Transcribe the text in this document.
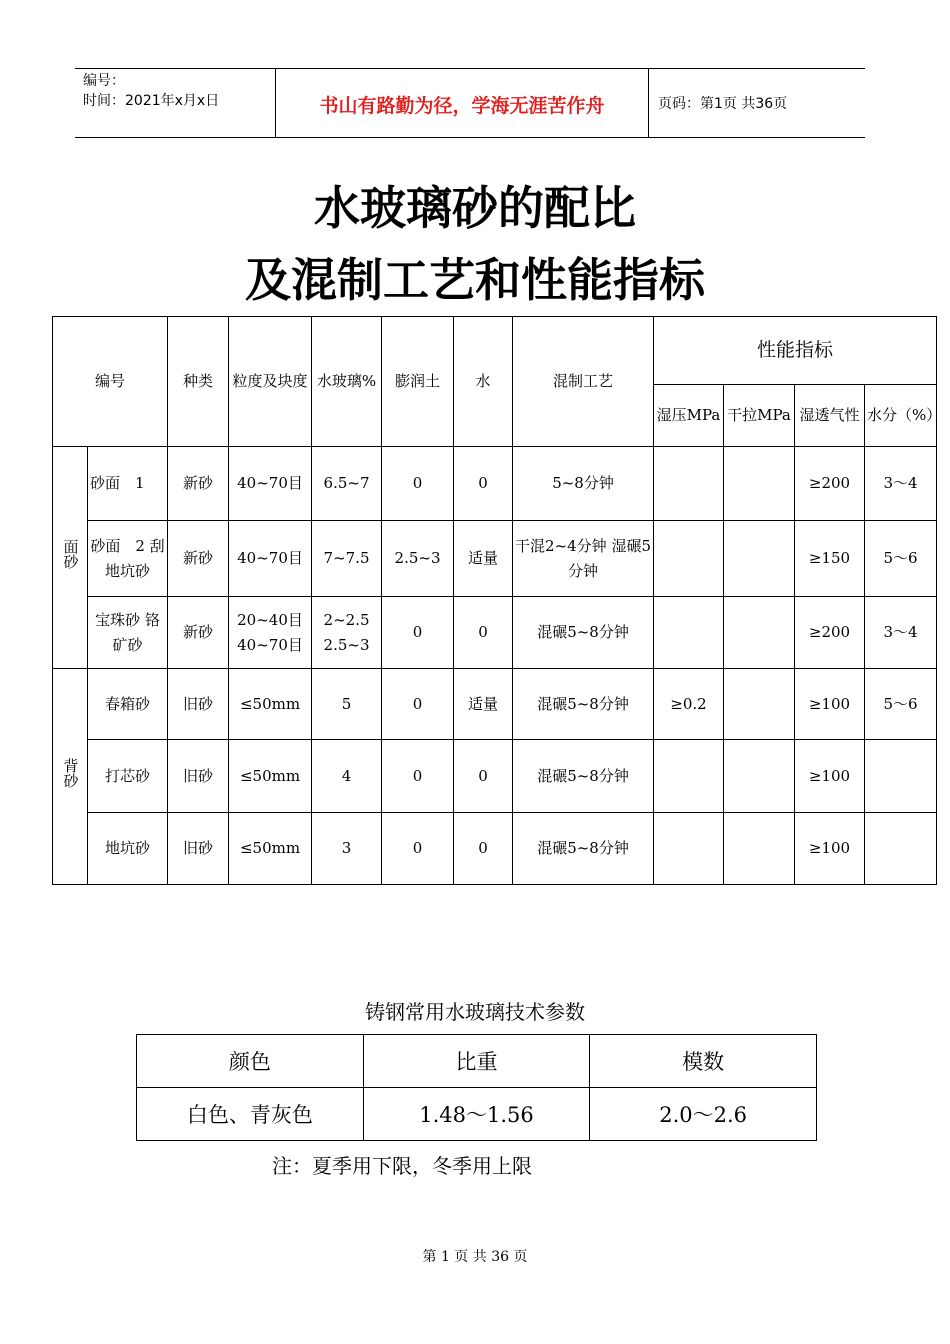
编号：
时间：2021年x月x日	书山有路勤为径，学海无涯苦作舟	页码：第1页 共36页
水玻璃砂的配比
及混制工艺和性能指标
编号		种类	粒度及块度	水玻璃%	膨润土	水	混制工艺	性能指标			
								湿压MPa	干拉MPa	湿透气性	水分（%）
面砂	砂面　1	新砂	40~70目	6.5~7	0	0	5~8分钟			≥200	3～4
	砂面　2 刮地坑砂	新砂	40~70目	7~7.5	2.5~3	适量	干混2~4分钟 湿碾5分钟			≥150	5～6
	宝珠砂 铬矿砂	新砂	20~40目 40~70目	2~2.5 2.5~3	0	0	混碾5~8分钟			≥200	3～4
背砂	春箱砂	旧砂	≤50mm	5	0	适量	混碾5~8分钟	≥0.2		≥100	5～6
	打芯砂	旧砂	≤50mm	4	0	0	混碾5~8分钟			≥100	
	地坑砂	旧砂	≤50mm	3	0	0	混碾5~8分钟			≥100	
铸钢常用水玻璃技术参数
颜色	比重	模数
白色、青灰色	1.48～1.56	2.0～2.6
注：夏季用下限，冬季用上限
第 1 页 共 36 页
